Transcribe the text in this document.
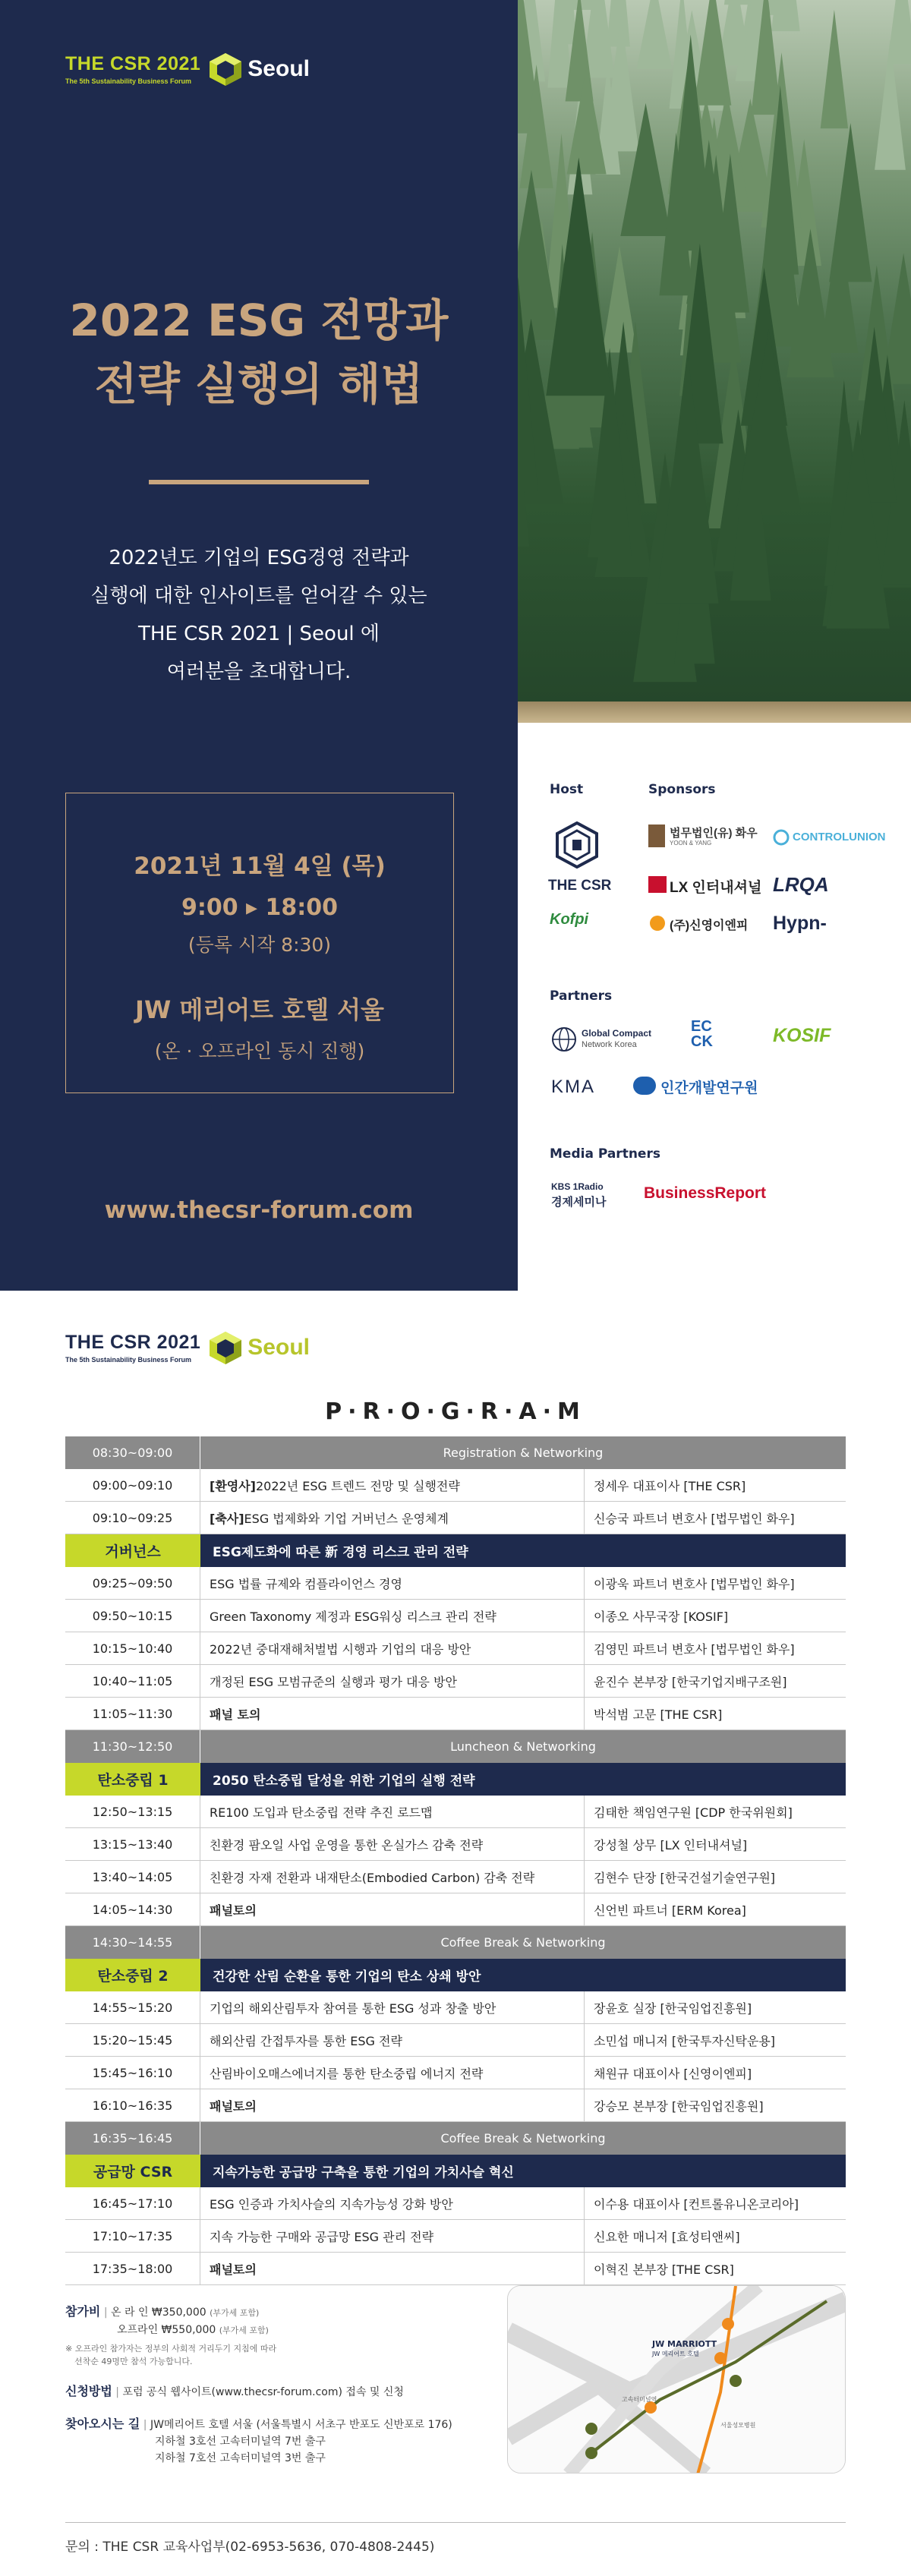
THE CSR 2021
The 5th Sustainability Business Forum	Seoul
2022 ESG 전망과
전략 실행의 해법
2022년도 기업의 ESG경영 전략과
실행에 대한 인사이트를 얻어갈 수 있는
THE CSR 2021 | Seoul 에
여러분을 초대합니다.
2021년 11월 4일 (목)
9:00 ▸ 18:00
(등록 시작 8:30)
JW 메리어트 호텔 서울
(온 · 오프라인 동시 진행)
www.thecsr-forum.com
Host
THE CSR
Kofpi
Sponsors
법무법인(유) 화우
YOON & YANG	CONTROLUNION
LX 인터내셔널 LRQA
(주)신영이엔피 Hypn-
Partners
Global Compact
Network Korea
EC CK	KOSIF
KMA	인간개발연구원
Media Partners
KBS 1Radio
경제세미나
BusinessReport
THE CSR 2021
The 5th Sustainability Business Forum	Seoul
P·R·O·G·R·A·M
08:30~09:00	Registration & Networking
09:00~09:10	[환영사] 2022년 ESG 트렌드 전망 및 실행전략	정세우 대표이사 [THE CSR]
09:10~09:25	[축사] ESG 법제화와 기업 거버넌스 운영체계	신승국 파트너 변호사 [법무법인 화우]
거버넌스	ESG제도화에 따른 新 경영 리스크 관리 전략
09:25~09:50	ESG 법률 규제와 컴플라이언스 경영	이광욱 파트너 변호사 [법무법인 화우]
09:50~10:15	Green Taxonomy 제정과 ESG워싱 리스크 관리 전략	이종오 사무국장 [KOSIF]
10:15~10:40	2022년 중대재해처벌법 시행과 기업의 대응 방안	김영민 파트너 변호사 [법무법인 화우]
10:40~11:05	개정된 ESG 모범규준의 실행과 평가 대응 방안	윤진수 본부장 [한국기업지배구조원]
11:05~11:30	패널 토의	박석범 고문 [THE CSR]
11:30~12:50	Luncheon & Networking
탄소중립 1	2050 탄소중립 달성을 위한 기업의 실행 전략
12:50~13:15	RE100 도입과 탄소중립 전략 추진 로드맵	김태한 책임연구원 [CDP 한국위원회]
13:15~13:40	친환경 팜오일 사업 운영을 통한 온실가스 감축 전략	강성철 상무 [LX 인터내셔널]
13:40~14:05	친환경 자재 전환과 내재탄소(Embodied Carbon) 감축 전략	김현수 단장 [한국건설기술연구원]
14:05~14:30	패널토의	신언빈 파트너 [ERM Korea]
14:30~14:55	Coffee Break & Networking
탄소중립 2	건강한 산림 순환을 통한 기업의 탄소 상쇄 방안
14:55~15:20	기업의 해외산림투자 참여를 통한 ESG 성과 창출 방안	장윤호 실장 [한국임업진흥원]
15:20~15:45	해외산림 간접투자를 통한 ESG 전략	소민섭 매니저 [한국투자신탁운용]
15:45~16:10	산림바이오매스에너지를 통한 탄소중립 에너지 전략	채원규 대표이사 [신영이엔피]
16:10~16:35	패널토의	강승모 본부장 [한국임업진흥원]
16:35~16:45	Coffee Break & Networking
공급망 CSR	지속가능한 공급망 구축을 통한 기업의 가치사슬 혁신
16:45~17:10	ESG 인증과 가치사슬의 지속가능성 강화 방안	이수용 대표이사 [컨트롤유니온코리아]
17:10~17:35	지속 가능한 구매와 공급망 ESG 관리 전략	신요한 매니저 [효성티앤씨]
17:35~18:00	패널토의	이혁진 본부장 [THE CSR]
참가비 | 온 라 인 ₩350,000 (부가세 포함)
오프라인 ₩550,000 (부가세 포함)
※ 오프라인 참가자는 정부의 사회적 거리두기 지침에 따라
선착순 49명만 참석 가능합니다.
신청방법 | 포럼 공식 웹사이트(www.thecsr-forum.com) 접속 및 신청
찾아오시는 길 | JW메리어트 호텔 서울 (서울특별시 서초구 반포도 신반포로 176)
지하철 3호선 고속터미널역 7번 출구
지하철 7호선 고속터미널역 3번 출구
JW MARRIOTT
JW 메리어트 호텔
고속터미널역
서울성모병원
문의 : THE CSR 교육사업부(02-6953-5636, 070-4808-2445)
